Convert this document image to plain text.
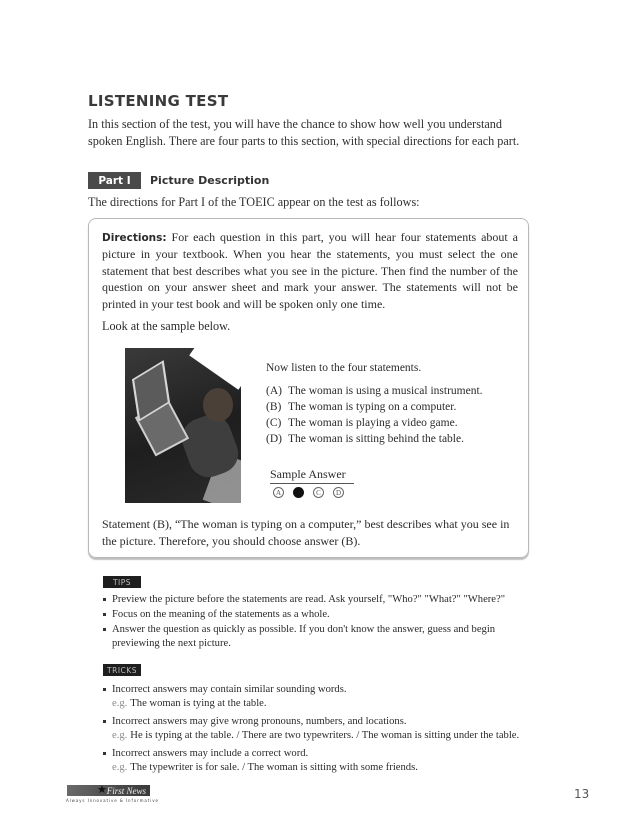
LISTENING TEST

In this section of the test, you will have the chance to show how well you understand spoken English. There are four parts to this section, with special directions for each part.

Part I	Picture Description

The directions for Part I of the TOEIC appear on the test as follows:

Directions: For each question in this part, you will hear four statements about a picture in your textbook. When you hear the statements, you must select the one statement that best describes what you see in the picture. Then find the number of the question on your answer sheet and mark your answer. The statements will not be printed in your test book and will be spoken only one time.

Look at the sample below.

Now listen to the four statements.

(A) The woman is using a musical instrument.
(B) The woman is typing on a computer.
(C) The woman is playing a video game.
(D) The woman is sitting behind the table.
Sample Answer
A	B	C	D

Statement (B), “The woman is typing on a computer,” best describes what you see in the picture. Therefore, you should choose answer (B).

TIPS
Preview the picture before the statements are read. Ask yourself, "Who?" "What?" "Where?"
Focus on the meaning of the statements as a whole.
Answer the question as quickly as possible. If you don't know the answer, guess and begin previewing the next picture.
TRICKS
Incorrect answers may contain similar sounding words.
e.g. The woman is tying at the table.
Incorrect answers may give wrong pronouns, numbers, and locations.
e.g. He is typing at the table. / There are two typewriters. / The woman is sitting under the table.
Incorrect answers may include a correct word.
e.g. The typewriter is for sale. / The woman is sitting with some friends.
★ First News
Always Innovative & Informative	13
